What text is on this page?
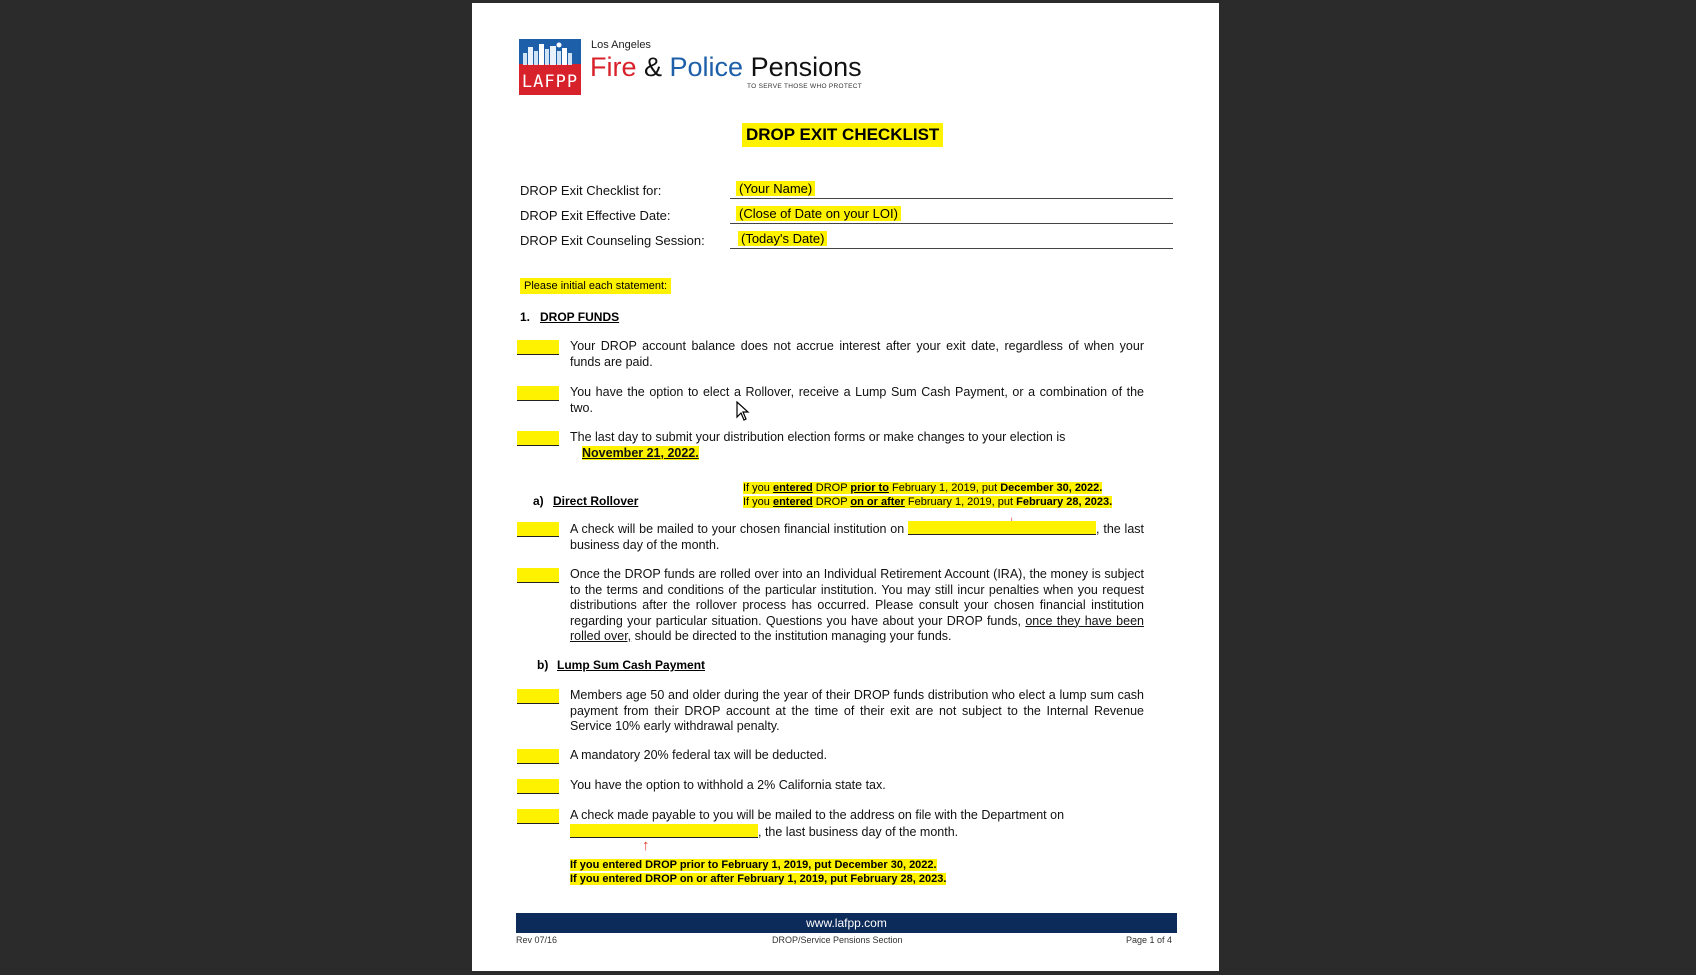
LAFPP
Los Angeles
Fire & Police Pensions
TO SERVE THOSE WHO PROTECT
DROP EXIT CHECKLIST
DROP Exit Checklist for:	(Your Name)
DROP Exit Effective Date:	(Close of Date on your LOI)
DROP Exit Counseling Session:	(Today's Date)
Please initial each statement:
1. DROP FUNDS
Your DROP account balance does not accrue interest after your exit date, regardless of when your funds are paid.
You have the option to elect a Rollover, receive a Lump Sum Cash Payment, or a combination of the two.
The last day to submit your distribution election forms or make changes to your election is
November 21, 2022.
a) Direct Rollover
If you entered DROP prior to February 1, 2019, put December 30, 2022.
If you entered DROP on or after February 1, 2019, put February 28, 2023.
A check will be mailed to your chosen financial institution on	, the last business day of the month.
Once the DROP funds are rolled over into an Individual Retirement Account (IRA), the money is subject to the terms and conditions of the particular institution. You may still incur penalties when you request distributions after the rollover process has occurred. Please consult your chosen financial institution regarding your particular situation. Questions you have about your DROP funds, once they have been rolled over, should be directed to the institution managing your funds.
b) Lump Sum Cash Payment
Members age 50 and older during the year of their DROP funds distribution who elect a lump sum cash payment from their DROP account at the time of their exit are not subject to the Internal Revenue Service 10% early withdrawal penalty.
A mandatory 20% federal tax will be deducted.
You have the option to withhold a 2% California state tax.
A check made payable to you will be mailed to the address on file with the Department on
, the last business day of the month.
↑
If you entered DROP prior to February 1, 2019, put December 30, 2022.
If you entered DROP on or after February 1, 2019, put February 28, 2023.
www.lafpp.com
Rev 07/16	DROP/Service Pensions Section	Page 1 of 4
